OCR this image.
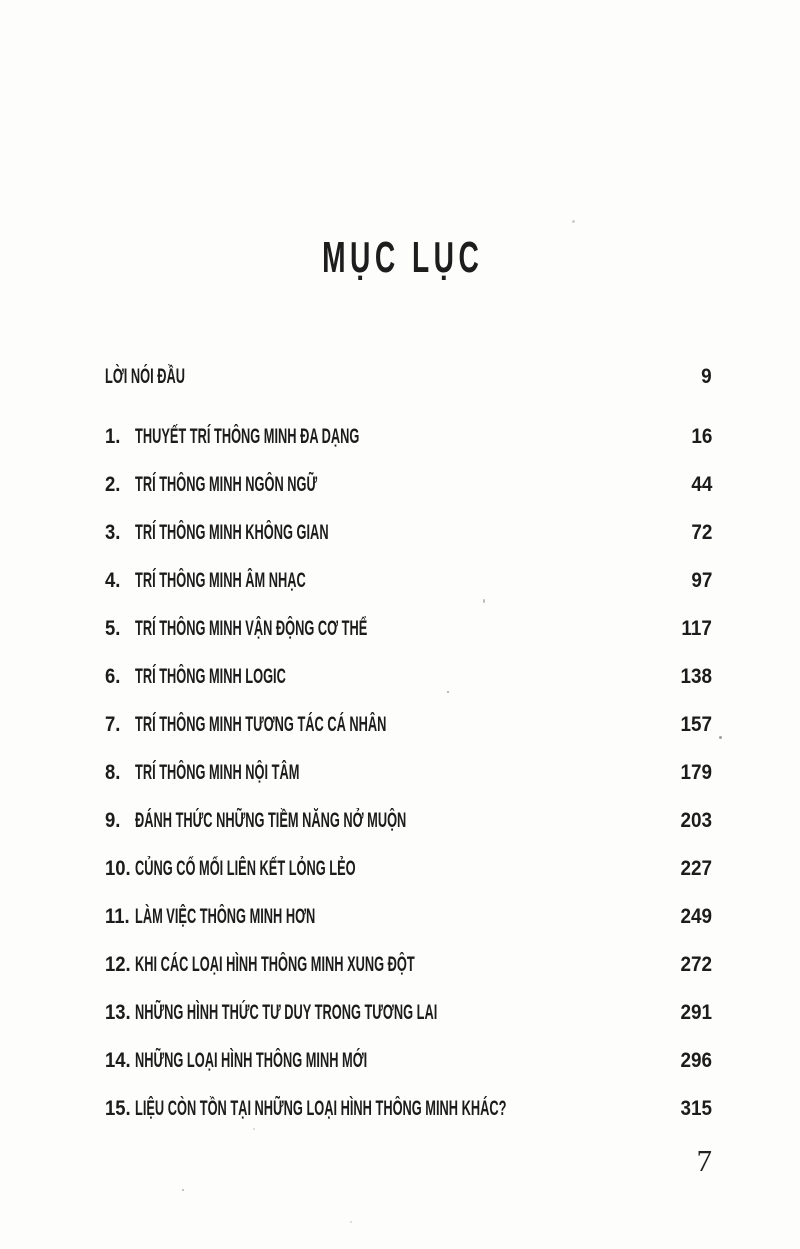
MỤC LỤC
LỜI NÓI ĐẦU	9
1. THUYẾT TRÍ THÔNG MINH ĐA DẠNG	16
2. TRÍ THÔNG MINH NGÔN NGỮ	44
3. TRÍ THÔNG MINH KHÔNG GIAN	72
4. TRÍ THÔNG MINH ÂM NHẠC	97
5. TRÍ THÔNG MINH VẬN ĐỘNG CƠ THỂ	117
6. TRÍ THÔNG MINH LOGIC	138
7. TRÍ THÔNG MINH TƯƠNG TÁC CÁ NHÂN	157
8. TRÍ THÔNG MINH NỘI TÂM	179
9. ĐÁNH THỨC NHỮNG TIỀM NĂNG NỞ MUỘN	203
10. CỦNG CỐ MỐI LIÊN KẾT LỎNG LẺO	227
11. LÀM VIỆC THÔNG MINH HƠN	249
12. KHI CÁC LOẠI HÌNH THÔNG MINH XUNG ĐỘT	272
13. NHỮNG HÌNH THỨC TƯ DUY TRONG TƯƠNG LAI	291
14. NHỮNG LOẠI HÌNH THÔNG MINH MỚI	296
15. LIỆU CÒN TỒN TẠI NHỮNG LOẠI HÌNH THÔNG MINH KHÁC?	315
7
